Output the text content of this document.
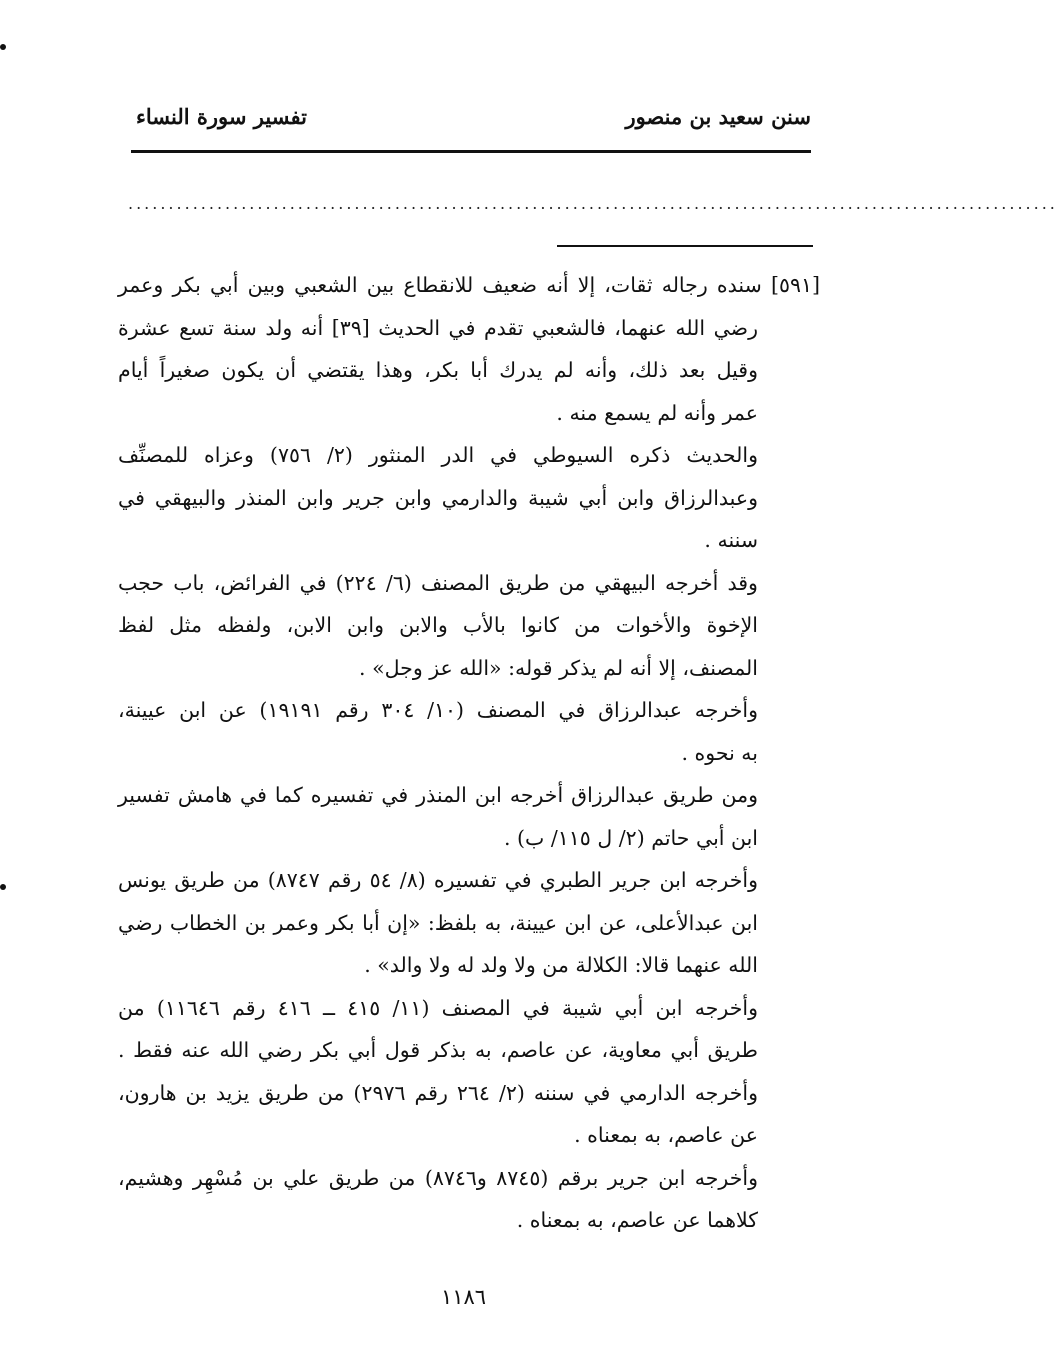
سنن سعيد بن منصور
تفسير سورة النساء
...................................................................................................................
[٥٩١] سنده رجاله ثقات، إلا أنه ضعيف للانقطاع بين الشعبي وبين أبي بكر وعمر
رضي الله عنهما، فالشعبي تقدم في الحديث [٣٩] أنه ولد سنة تسع عشرة
وقيل بعد ذلك، وأنه لم يدرك أبا بكر، وهذا يقتضي أن يكون صغيراً أيام
عمر وأنه لم يسمع منه .
والحديث ذكره السيوطي في الدر المنثور (٢/ ٧٥٦) وعزاه للمصنِّف
وعبدالرزاق وابن أبي شيبة والدارمي وابن جرير وابن المنذر والبيهقي في
سننه .
وقد أخرجه البيهقي من طريق المصنف (٦/ ٢٢٤) في الفرائض، باب حجب
الإخوة والأخوات من كانوا بالأب والابن وابن الابن، ولفظه مثل لفظ
المصنف، إلا أنه لم يذكر قوله: «الله عز وجل» .
وأخرجه عبدالرزاق في المصنف (١٠/ ٣٠٤ رقم ١٩١٩١) عن ابن عيينة،
به نحوه .
ومن طريق عبدالرزاق أخرجه ابن المنذر في تفسيره كما في هامش تفسير
ابن أبي حاتم (٢/ ل ١١٥/ ب) .
وأخرجه ابن جرير الطبري في تفسيره (٨/ ٥٤ رقم ٨٧٤٧) من طريق يونس
ابن عبدالأعلى، عن ابن عيينة، به بلفظ: «إن أبا بكر وعمر بن الخطاب رضي
الله عنهما قالا: الكلالة من ولا ولد له ولا والد» .
وأخرجه ابن أبي شيبة في المصنف (١١/ ٤١٥ ــ ٤١٦ رقم ١١٦٤٦) من
طريق أبي معاوية، عن عاصم، به بذكر قول أبي بكر رضي الله عنه فقط .
وأخرجه الدارمي في سننه (٢/ ٢٦٤ رقم ٢٩٧٦) من طريق يزيد بن هارون،
عن عاصم، به بمعناه .
وأخرجه ابن جرير برقم (٨٧٤٥ و٨٧٤٦) من طريق علي بن مُسْهِر وهشيم،
كلاهما عن عاصم، به بمعناه .
١١٨٦
